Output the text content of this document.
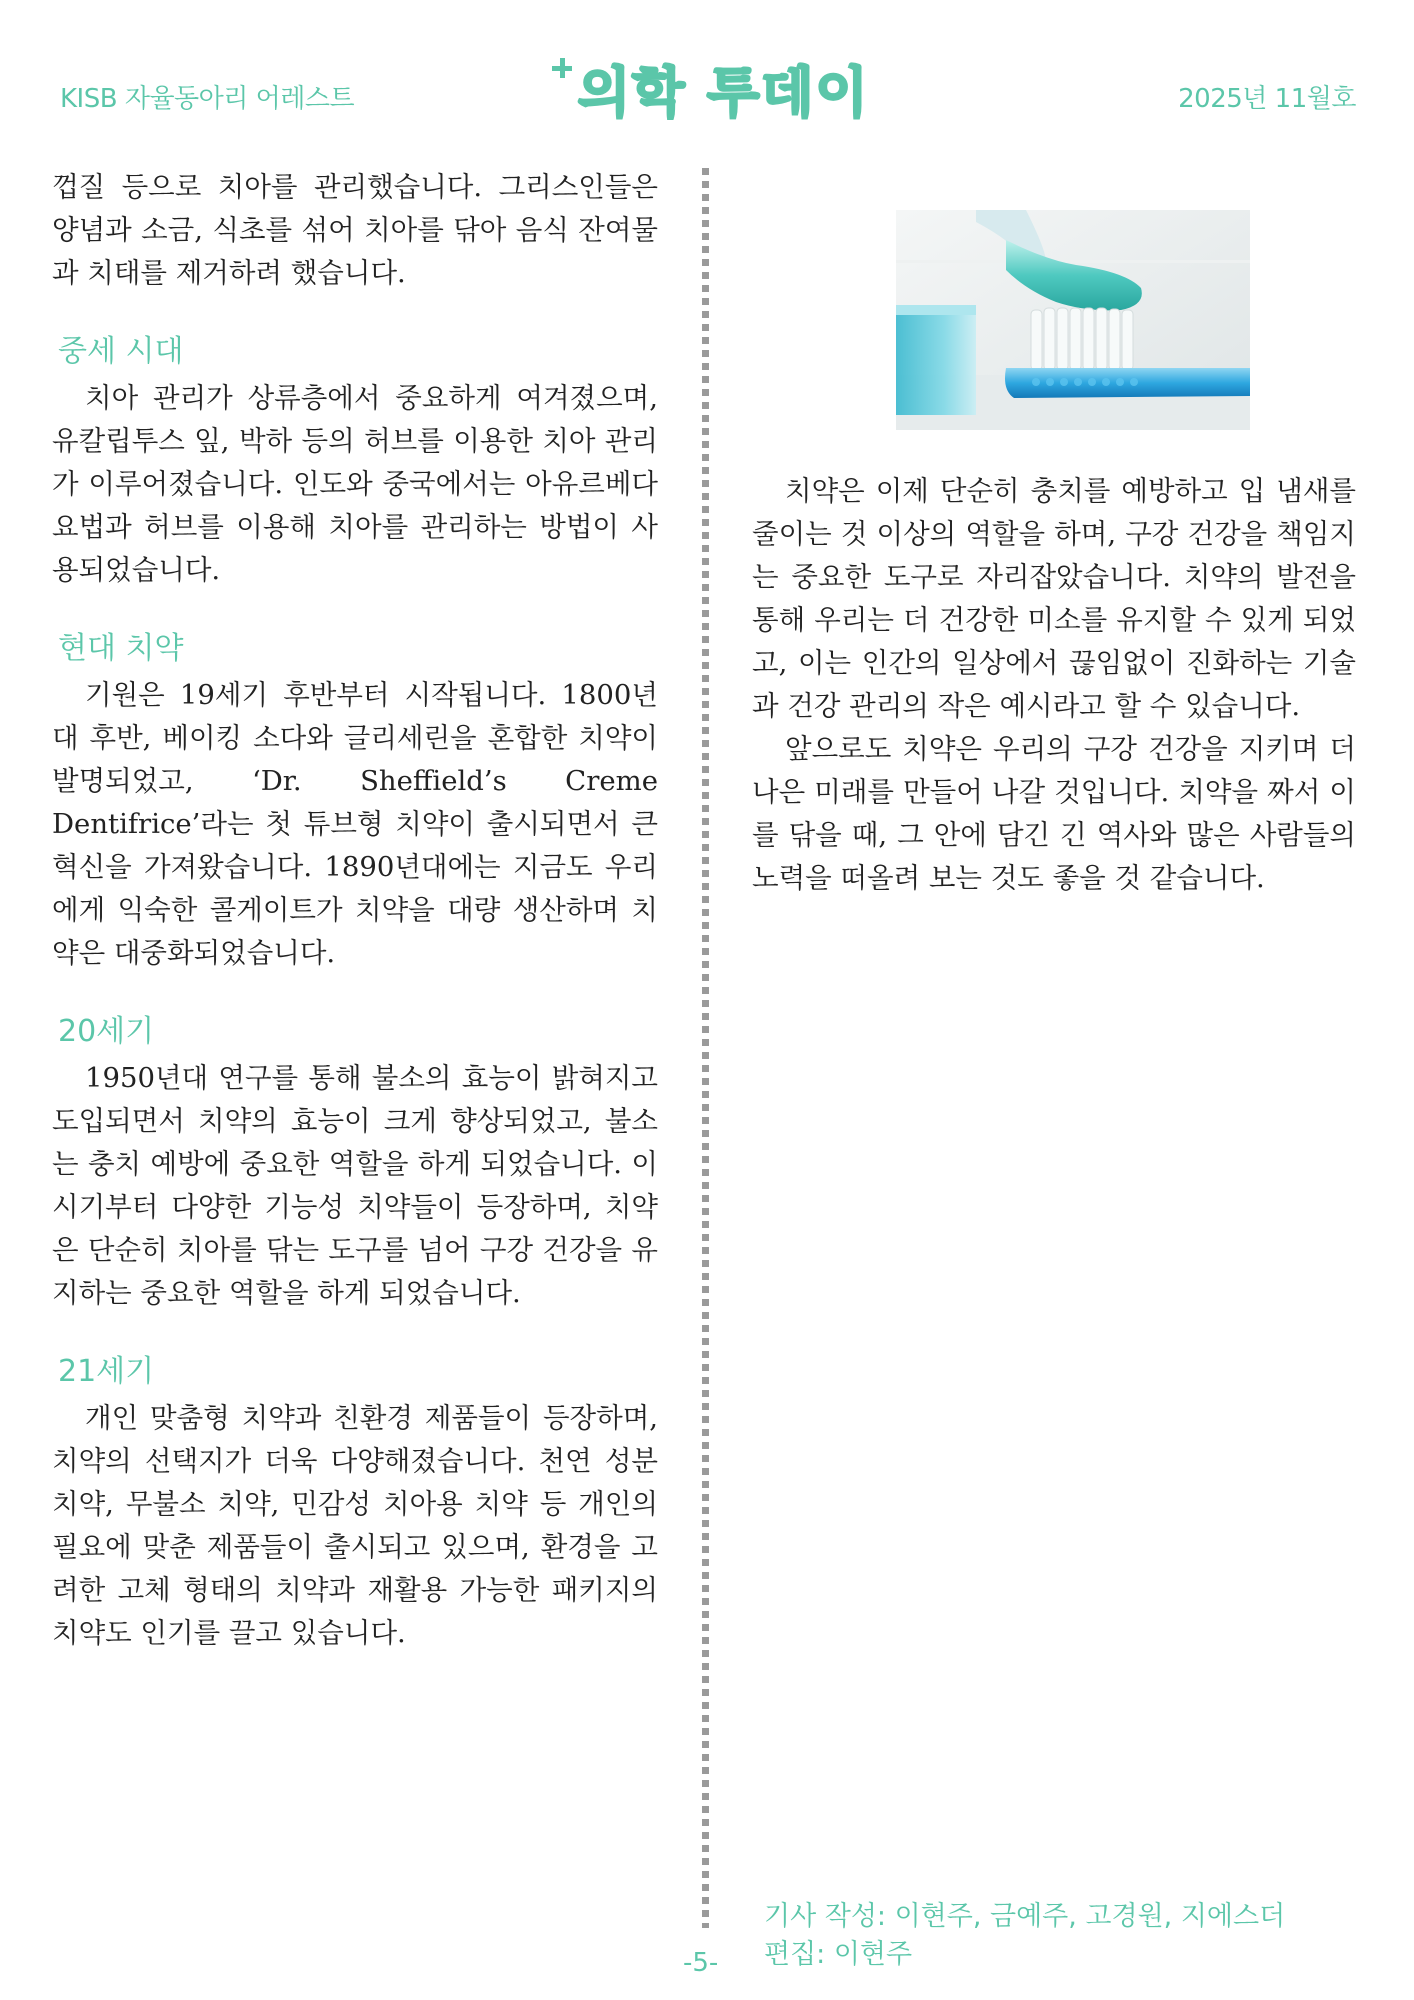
KISB 자율동아리 어레스트	의학 투데이	2025년 11월호

껍질 등으로 치아를 관리했습니다. 그리스인들은 양념과 소금, 식초를 섞어 치아를 닦아 음식 잔여물과 치태를 제거하려 했습니다.

중세 시대

치아 관리가 상류층에서 중요하게 여겨졌으며, 유칼립투스 잎, 박하 등의 허브를 이용한 치아 관리가 이루어졌습니다. 인도와 중국에서는 아유르베다 요법과 허브를 이용해 치아를 관리하는 방법이 사용되었습니다.

현대 치약

기원은 19세기 후반부터 시작됩니다. 1800년대 후반, 베이킹 소다와 글리세린을 혼합한 치약이 발명되었고, ‘Dr. Sheffield’s Creme Dentifrice’라는 첫 튜브형 치약이 출시되면서 큰 혁신을 가져왔습니다. 1890년대에는 지금도 우리에게 익숙한 콜게이트가 치약을 대량 생산하며 치약은 대중화되었습니다.

20세기

1950년대 연구를 통해 불소의 효능이 밝혀지고 도입되면서 치약의 효능이 크게 향상되었고, 불소는 충치 예방에 중요한 역할을 하게 되었습니다. 이 시기부터 다양한 기능성 치약들이 등장하며, 치약은 단순히 치아를 닦는 도구를 넘어 구강 건강을 유지하는 중요한 역할을 하게 되었습니다.

21세기

개인 맞춤형 치약과 친환경 제품들이 등장하며, 치약의 선택지가 더욱 다양해졌습니다. 천연 성분 치약, 무불소 치약, 민감성 치아용 치약 등 개인의 필요에 맞춘 제품들이 출시되고 있으며, 환경을 고려한 고체 형태의 치약과 재활용 가능한 패키지의 치약도 인기를 끌고 있습니다.

치약은 이제 단순히 충치를 예방하고 입 냄새를 줄이는 것 이상의 역할을 하며, 구강 건강을 책임지는 중요한 도구로 자리잡았습니다. 치약의 발전을 통해 우리는 더 건강한 미소를 유지할 수 있게 되었고, 이는 인간의 일상에서 끊임없이 진화하는 기술과 건강 관리의 작은 예시라고 할 수 있습니다.

앞으로도 치약은 우리의 구강 건강을 지키며 더 나은 미래를 만들어 나갈 것입니다. 치약을 짜서 이를 닦을 때, 그 안에 담긴 긴 역사와 많은 사람들의 노력을 떠올려 보는 것도 좋을 것 같습니다.

기사 작성: 이현주, 금예주, 고경원, 지에스더
편집: 이현주
-5-
